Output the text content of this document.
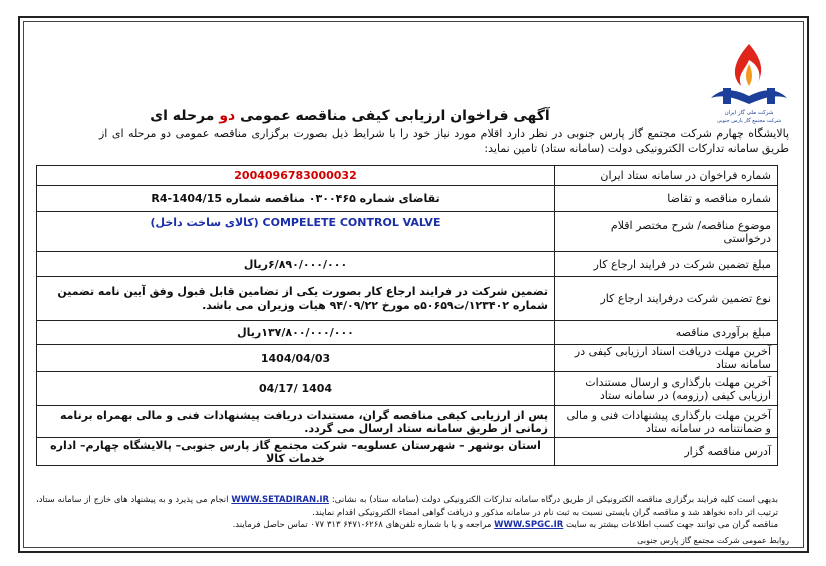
شرکت ملی گاز ایران
شرکت مجتمع گاز پارس جنوبی
آگهی فراخوان ارزیابی کیفی مناقصه عمومی دو مرحله ای
پالایشگاه چهارم شرکت مجتمع گاز پارس جنوبی در نظر دارد اقلام مورد نیاز خود را با شرایط ذیل بصورت برگزاری مناقصه عمومی دو مرحله ای از طریق سامانه تدارکات الکترونیکی دولت (سامانه ستاد) تامین نماید:
شماره فراخوان در سامانه ستاد ایران	2004096783000032
شماره مناقصه و تقاضا	تقاضای شماره ۰۳۰۰۴۶۵ مناقصه شماره R4-1404/15
موضوع مناقصه/ شرح مختصر اقلام درخواستی	COMPELETE CONTROL VALVE (کالای ساخت داخل)
مبلغ تضمین شرکت در فرایند ارجاع کار	۶/۸۹۰/۰۰۰/۰۰۰ریال
نوع تضمین شرکت درفرایند ارجاع کار	تضمین شرکت در فرایند ارجاع کار بصورت یکی از تضامین قابل قبول وفق آیین نامه تضمین شماره ۱۲۳۴۰۲/ت۵۰۶۵۹ه مورخ ۹۴/۰۹/۲۲ هیات وزیران می باشد.
مبلغ برآوردی مناقصه	۱۳۷/۸۰۰/۰۰۰/۰۰۰ریال
آخرین مهلت دریافت اسناد ارزیابی کیفی در سامانه ستاد	1404/04/03
آخرین مهلت بارگذاری و ارسال مستندات ارزیابی کیفی (رزومه) در سامانه ستاد	1404 /04/17
آخرین مهلت بارگذاری پیشنهادات فنی و مالی و ضمانتنامه در سامانه ستاد	پس از ارزیابی کیفی مناقصه گران، مستندات دریافت پیشنهادات فنی و مالی بهمراه برنامه زمانی از طریق سامانه ستاد ارسال می گردد.
آدرس مناقصه گزار	استان بوشهر – شهرستان عسلویه– شرکت مجتمع گاز پارس جنوبی– پالایشگاه چهارم– اداره خدمات کالا
بدیهی است کلیه فرایند برگزاری مناقصه الکترونیکی از طریق درگاه سامانه تدارکات الکترونیکی دولت (سامانه ستاد) به نشانی: WWW.SETADIRAN.IR انجام می پذیرد و به پیشنهاد های خارج از سامانه ستاد، ترتیب اثر داده نخواهد شد و مناقصه گران بایستی نسبت به ثبت نام در سامانه مذکور و دریافت گواهی امضاء الکترونیکی اقدام نمایند.
مناقصه گران می توانند جهت کسب اطلاعات بیشتر به سایت WWW.SPGC.IR مراجعه و یا با شماره تلفن‌های ۶۲۶۸-۶۴۷۱ ۳۱۳ ۰۷۷ تماس حاصل فرمایند.
روابط عمومی شرکت مجتمع گاز پارس جنوبی
